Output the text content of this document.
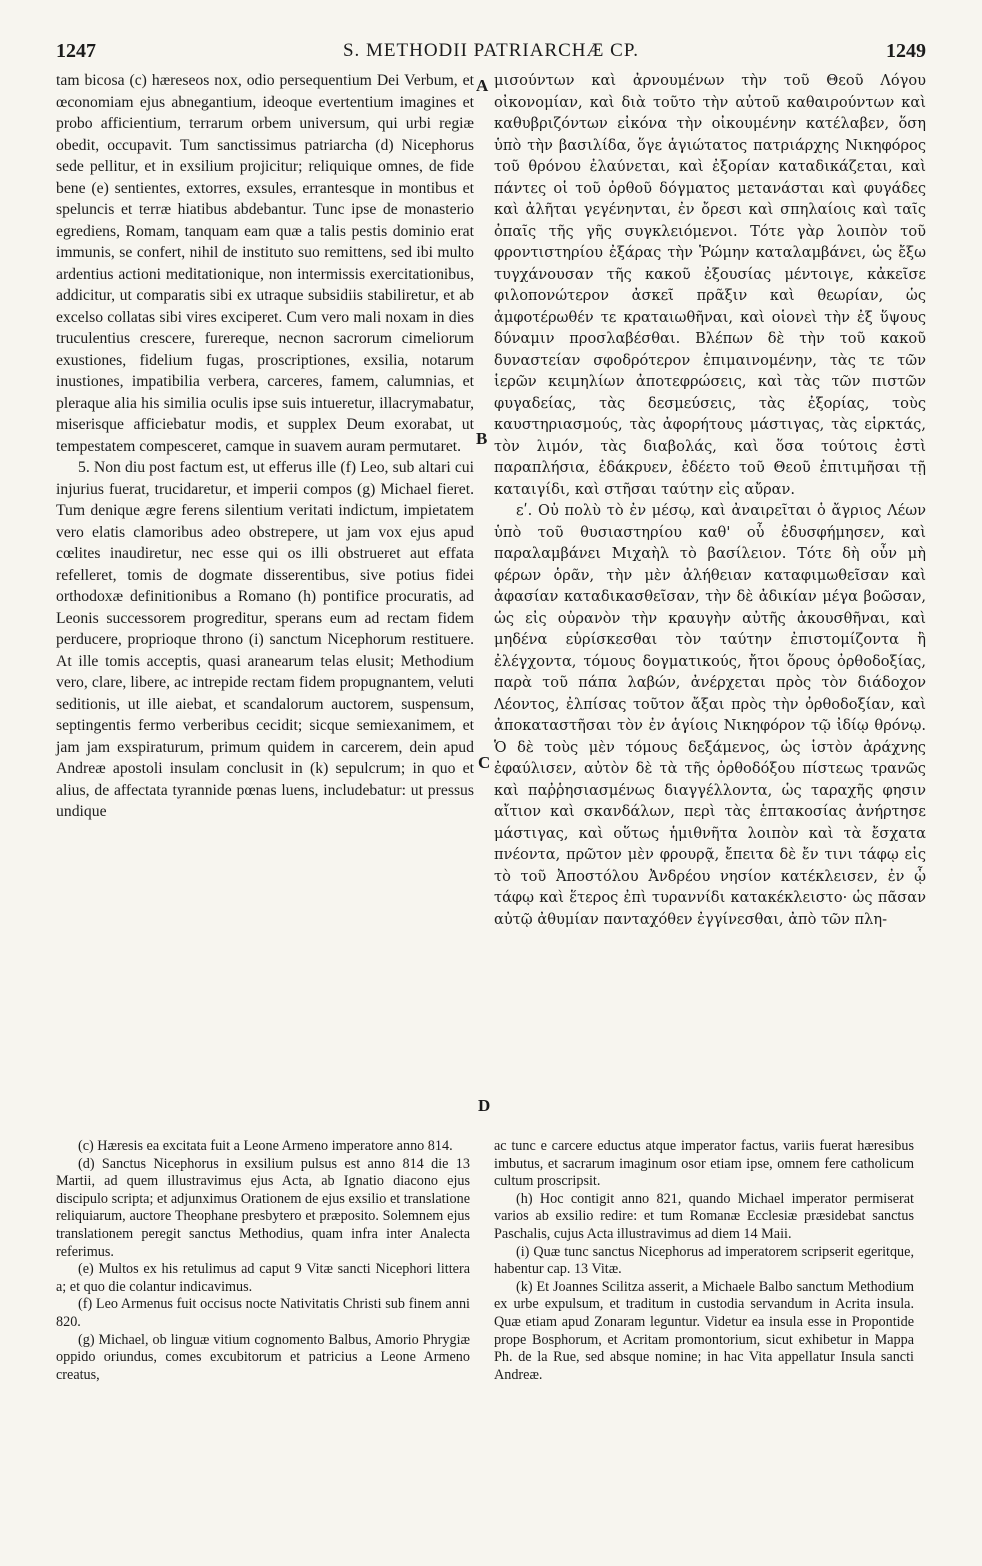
1247	S. METHODII PATRIARCHÆ CP.	1249

tam bicosa (c) hæreseos nox, odio persequentium Dei Verbum, et œconomiam ejus abnegantium, ideoque evertentium imagines et probo afficientium, terrarum orbem universum, qui urbi regiæ obedit, occupavit. Tum sanctissimus patriarcha (d) Nicephorus sede pellitur, et in exsilium projicitur; reliquique omnes, de fide bene (e) sentientes, extorres, exsules, errantesque in montibus et speluncis et terræ hiatibus abdebantur. Tunc ipse de monasterio egrediens, Romam, tanquam eam quæ a talis pestis dominio erat immunis, se confert, nihil de instituto suo remittens, sed ibi multo ardentius actioni meditationique, non intermissis exercitationibus, addicitur, ut comparatis sibi ex utraque subsidiis stabiliretur, et ab excelso collatas sibi vires exciperet. Cum vero mali noxam in dies truculentius crescere, furereque, necnon sacrorum cimeliorum exustiones, fidelium fugas, proscriptiones, exsilia, notarum inustiones, impatibilia verbera, carceres, famem, calumnias, et pleraque alia his similia oculis ipse suis intueretur, illacrymabatur, miserisque afficiebatur modis, et supplex Deum exorabat, ut tempestatem compesceret, camque in suavem auram permutaret.

5. Non diu post factum est, ut efferus ille (f) Leo, sub altari cui injurius fuerat, trucidaretur, et imperii compos (g) Michael fieret. Tum denique ægre ferens silentium veritati indictum, impietatem vero elatis clamoribus adeo obstrepere, ut jam vox ejus apud cœlites inaudiretur, nec esse qui os illi obstrueret aut effata refelleret, tomis de dogmate disserentibus, sive potius fidei orthodoxæ definitionibus a Romano (h) pontifice procuratis, ad Leonis successorem progreditur, sperans eum ad rectam fidem perducere, proprioque throno (i) sanctum Nicephorum restituere. At ille tomis acceptis, quasi aranearum telas elusit; Methodium vero, clare, libere, ac intrepide rectam fidem propugnantem, veluti seditionis, ut ille aiebat, et scandalorum auctorem, suspensum, septingentis fermo verberibus cecidit; sicque semiexanimem, et jam jam exspiraturum, primum quidem in carcerem, dein apud Andreæ apostoli insulam conclusit in (k) sepulcrum; in quo et alius, de affectata tyrannide pœnas luens, includebatur: ut pressus undique

A
B
C
D

μισούντων καὶ ἀρνουμένων τὴν τοῦ Θεοῦ Λόγου οἰκονομίαν, καὶ διὰ τοῦτο τὴν αὐτοῦ καθαιρούντων καὶ καθυβριζόντων εἰκόνα τὴν οἰκουμένην κατέλαβεν, ὅση ὑπὸ τὴν βασιλίδα, ὅγε ἁγιώτατος πατριάρχης Νικηφόρος τοῦ θρόνου ἐλαύνεται, καὶ ἐξορίαν καταδικάζεται, καὶ πάντες οἱ τοῦ ὀρθοῦ δόγματος μετανάσται καὶ φυγάδες καὶ ἀλῆται γεγένηνται, ἐν ὄρεσι καὶ σπηλαίοις καὶ ταῖς ὀπαῖς τῆς γῆς συγκλειόμενοι. Τότε γὰρ λοιπὸν τοῦ φροντιστηρίου ἐξάρας τὴν Ῥώμην καταλαμβάνει, ὡς ἔξω τυγχάνουσαν τῆς κακοῦ ἐξουσίας μέντοιγε, κἀκεῖσε φιλοπονώτερον ἀσκεῖ πρᾶξιν καὶ θεωρίαν, ὡς ἀμφοτέρωθέν τε κραταιωθῆναι, καὶ οἱονεὶ τὴν ἐξ ὕψους δύναμιν προσλαβέσθαι. Βλέπων δὲ τὴν τοῦ κακοῦ δυναστείαν σφοδρότερον ἐπιμαινομένην, τὰς τε τῶν ἱερῶν κειμηλίων ἀποτεφρώσεις, καὶ τὰς τῶν πιστῶν φυγαδείας, τὰς δεσμεύσεις, τὰς ἐξορίας, τοὺς καυστηριασμούς, τὰς ἀφορήτους μάστιγας, τὰς εἱρκτάς, τὸν λιμόν, τὰς διαβολάς, καὶ ὅσα τούτοις ἐστὶ παραπλήσια, ἐδάκρυεν, ἐδέετο τοῦ Θεοῦ ἐπιτιμῆσαι τῇ καταιγίδι, καὶ στῆσαι ταύτην εἰς αὔραν.

εʹ. Οὐ πολὺ τὸ ἐν μέσῳ, καὶ ἀναιρεῖται ὁ ἄγριος Λέων ὑπὸ τοῦ θυσιαστηρίου καθ' οὗ ἐδυσφήμησεν, καὶ παραλαμβάνει Μιχαὴλ τὸ βασίλειον. Τότε δὴ οὖν μὴ φέρων ὁρᾶν, τὴν μὲν ἀλήθειαν καταφιμωθεῖσαν καὶ ἀφασίαν καταδικασθεῖσαν, τὴν δὲ ἀδικίαν μέγα βοῶσαν, ὡς εἰς οὐρανὸν τὴν κραυγὴν αὐτῆς ἀκουσθῆναι, καὶ μηδένα εὑρίσκεσθαι τὸν ταύτην ἐπιστομίζοντα ἢ ἐλέγχοντα, τόμους δογματικούς, ἤτοι ὅρους ὀρθοδοξίας, παρὰ τοῦ πάπα λαβών, ἀνέρχεται πρὸς τὸν διάδοχον Λέοντος, ἐλπίσας τοῦτον ἄξαι πρὸς τὴν ὀρθοδοξίαν, καὶ ἀποκαταστῆσαι τὸν ἐν ἁγίοις Νικηφόρον τῷ ἰδίῳ θρόνῳ. Ὁ δὲ τοὺς μὲν τόμους δεξάμενος, ὡς ἱστὸν ἀράχνης ἐφαύλισεν, αὐτὸν δὲ τὰ τῆς ὀρθοδόξου πίστεως τρανῶς καὶ παῤῥησιασμένως διαγγέλλοντα, ὡς ταραχῆς φησιν αἴτιον καὶ σκανδάλων, περὶ τὰς ἑπτακοσίας ἀνήρτησε μάστιγας, καὶ οὕτως ἡμιθνῆτα λοιπὸν καὶ τὰ ἔσχατα πνέοντα, πρῶτον μὲν φρουρᾷ, ἔπειτα δὲ ἔν τινι τάφῳ εἰς τὸ τοῦ Ἀποστόλου Ἀνδρέου νησίον κατέκλεισεν, ἐν ᾧ τάφῳ καὶ ἕτερος ἐπὶ τυραννίδι κατακέκλειστο· ὡς πᾶσαν αὐτῷ ἀθυμίαν πανταχόθεν ἐγγίνεσθαι, ἀπὸ τῶν πλη-

(c) Hæresis ea excitata fuit a Leone Armeno imperatore anno 814.

(d) Sanctus Nicephorus in exsilium pulsus est anno 814 die 13 Martii, ad quem illustravimus ejus Acta, ab Ignatio diacono ejus discipulo scripta; et adjunximus Orationem de ejus exsilio et translatione reliquiarum, auctore Theophane presbytero et præposito. Solemnem ejus translationem peregit sanctus Methodius, quam infra inter Analecta referimus.

(e) Multos ex his retulimus ad caput 9 Vitæ sancti Nicephori littera a; et quo die colantur indicavimus.

(f) Leo Armenus fuit occisus nocte Nativitatis Christi sub finem anni 820.

(g) Michael, ob linguæ vitium cognomento Balbus, Amorio Phrygiæ oppido oriundus, comes excubitorum et patricius a Leone Armeno creatus,

ac tunc e carcere eductus atque imperator factus, variis fuerat hæresibus imbutus, et sacrarum imaginum osor etiam ipse, omnem fere catholicum cultum proscripsit.

(h) Hoc contigit anno 821, quando Michael imperator permiserat varios ab exsilio redire: et tum Romanæ Ecclesiæ præsidebat sanctus Paschalis, cujus Acta illustravimus ad diem 14 Maii.

(i) Quæ tunc sanctus Nicephorus ad imperatorem scripserit egeritque, habentur cap. 13 Vitæ.

(k) Et Joannes Scilitza asserit, a Michaele Balbo sanctum Methodium ex urbe expulsum, et traditum in custodia servandum in Acrita insula. Quæ etiam apud Zonaram leguntur. Videtur ea insula esse in Propontide prope Bosphorum, et Acritam promontorium, sicut exhibetur in Mappa Ph. de la Rue, sed absque nomine; in hac Vita appellatur Insula sancti Andreæ.
